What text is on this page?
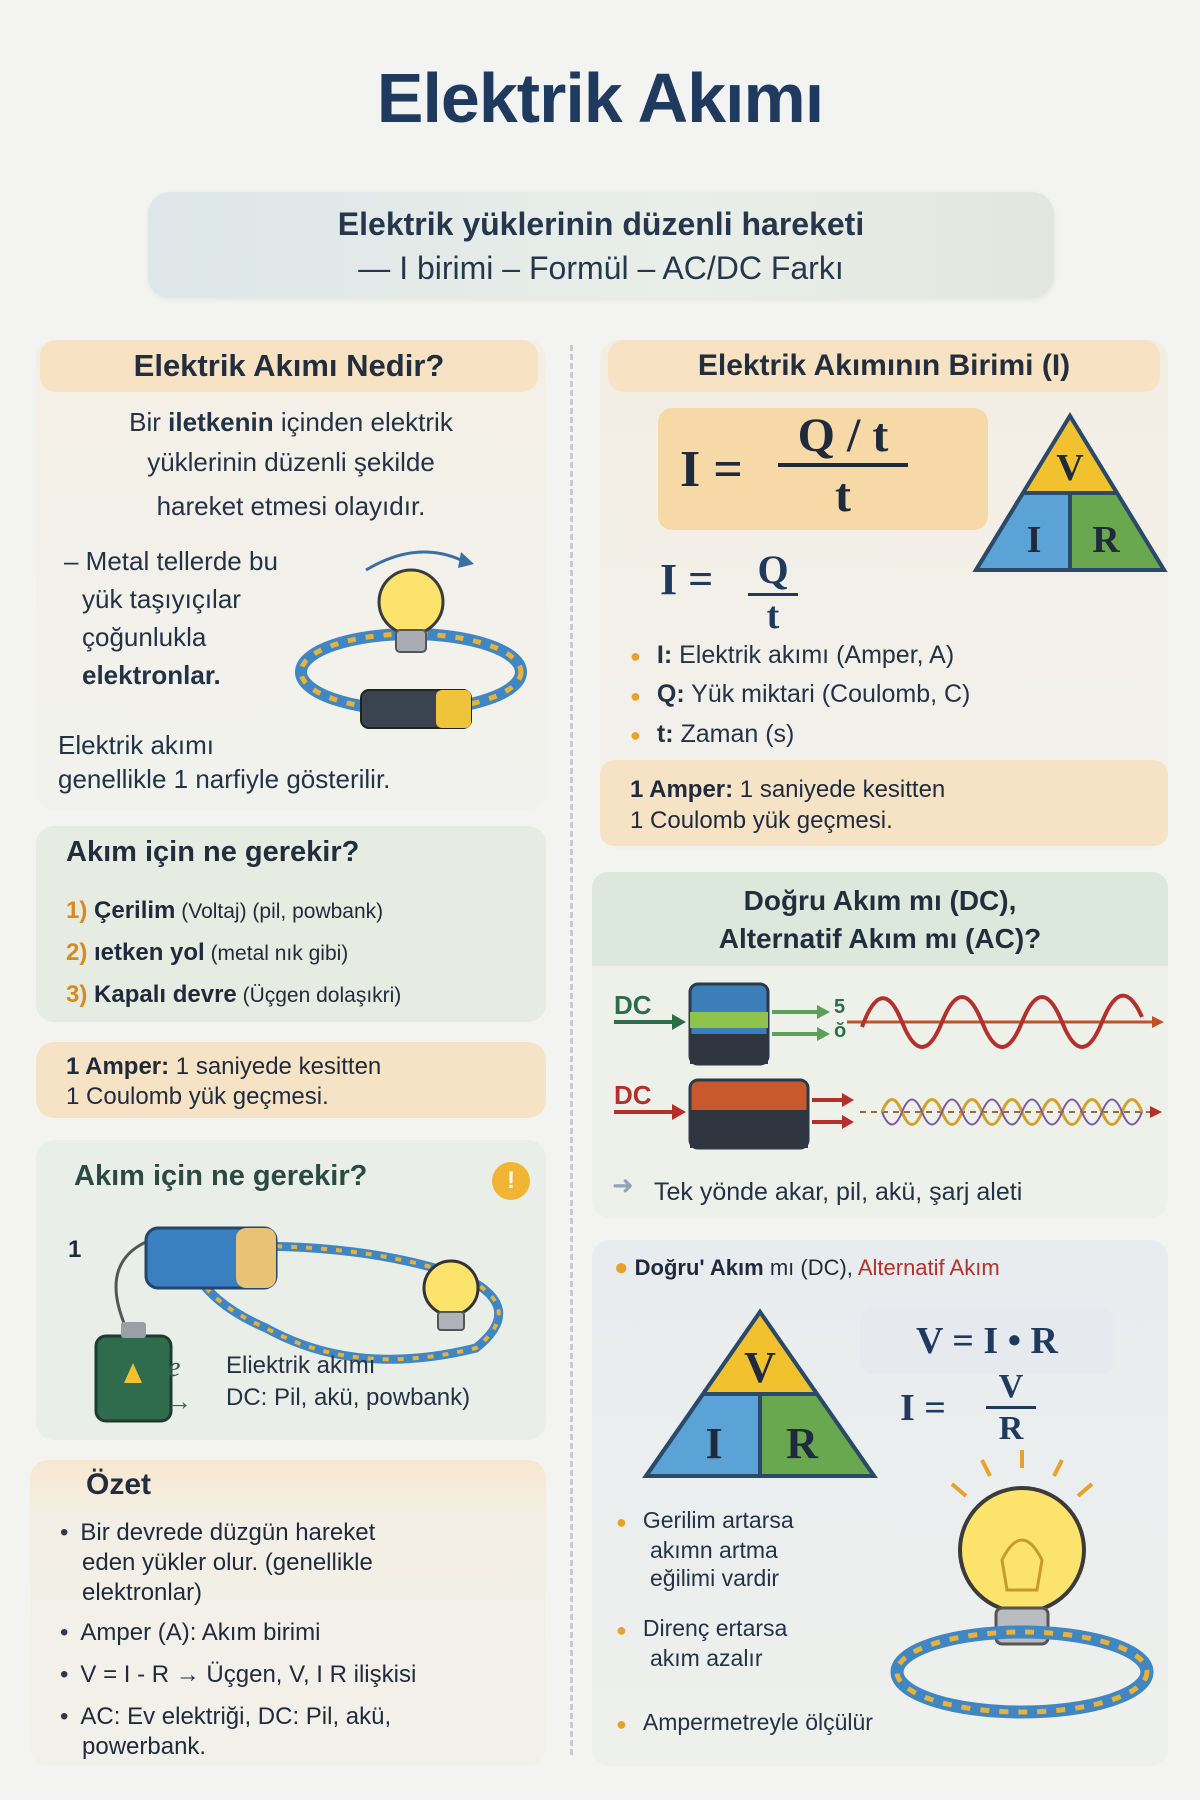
Elektrik Akımı
Elektrik yüklerinin düzenli hareketi
— I birimi – Formül – AC/DC Farkı
Elektrik Akımı Nedir?
Bir iletkenin içinden elektrik
yüklerinin düzenli şekilde
hareket etmesi olayıdır.
– Metal tellerde bu
yük taşıyıçılar
çoğunlukla
elektronlar.
Elektrik akımı
genellikle 1 narfiyle gösterilir.
Akım için ne gerekir?
1) Çerilim (Voltaj) (pil, powbank)
2) ıetken yol (metal nık gibi)
3) Kapalı devre (Üçgen dolaşıkri)
1 Amper: 1 saniyede kesitten
1 Coulomb yük geçmesi.
Akım için ne gerekir?	!
1
e
→
Eliektrik akımı
DC: Pil, akü, powbank)
Özet
• Bir devrede düzgün hareket
eden yükler olur. (genellikle
elektronlar)
• Amper (A): Akım birimi
• V = I - R → Üçgen, V, I R ilişkisi
• AC: Ev elektriği, DC: Pil, akü,
powerbank.
Elektrik Akımının Birimi (I)
I =
Q / t
t
V
I R
I = Q
t
● I: Elektrik akımı (Amper, A)
● Q: Yük miktari (Coulomb, C)
● t: Zaman (s)
1 Amper: 1 saniyede kesitten
1 Coulomb yük geçmesi.
Doğru Akım mı (DC),
Alternatif Akım mı (AC)?
DC
DC
5
ŏ
➜ Tek yönde akar, pil, akü, şarj aleti
● Doğru' Akım mı (DC), Alternatif Akım
V
I R
V = I • R
I =
V
R
● Gerilim artarsa
akımn artma
eğilimi vardir
● Direnç ertarsa
akım azalır
● Ampermetreyle ölçülür
